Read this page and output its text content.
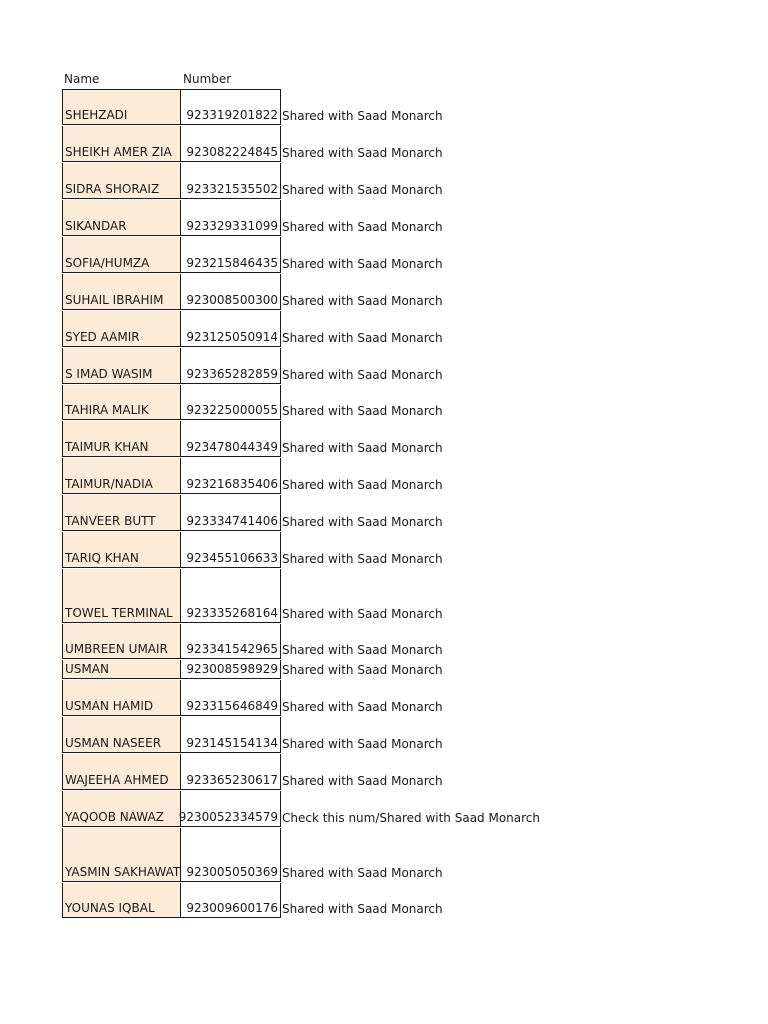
Name	Number
SHEHZADI	923319201822 Shared with Saad Monarch
SHEIKH AMER ZIA 923082224845 Shared with Saad Monarch
SIDRA SHORAIZ 923321535502 Shared with Saad Monarch
SIKANDAR	923329331099 Shared with Saad Monarch
SOFIA/HUMZA	923215846435 Shared with Saad Monarch
SUHAIL IBRAHIM 923008500300 Shared with Saad Monarch
SYED AAMIR	923125050914 Shared with Saad Monarch
S IMAD WASIM	923365282859 Shared with Saad Monarch
TAHIRA MALIK	923225000055 Shared with Saad Monarch
TAIMUR KHAN	923478044349 Shared with Saad Monarch
TAIMUR/NADIA	923216835406 Shared with Saad Monarch
TANVEER BUTT	923334741406 Shared with Saad Monarch
TARIQ KHAN	923455106633 Shared with Saad Monarch
TOWEL TERMINAL 923335268164 Shared with Saad Monarch
UMBREEN UMAIR 923341542965 Shared with Saad Monarch
USMAN	923008598929 Shared with Saad Monarch
USMAN HAMID	923315646849 Shared with Saad Monarch
USMAN NASEER 923145154134 Shared with Saad Monarch
WAJEEHA AHMED 923365230617 Shared with Saad Monarch
YAQOOB NAWAZ 9230052334579 Check this num/Shared with Saad Monarch
YASMIN SAKHAWAT 923005050369 Shared with Saad Monarch
YOUNAS IQBAL	923009600176 Shared with Saad Monarch
